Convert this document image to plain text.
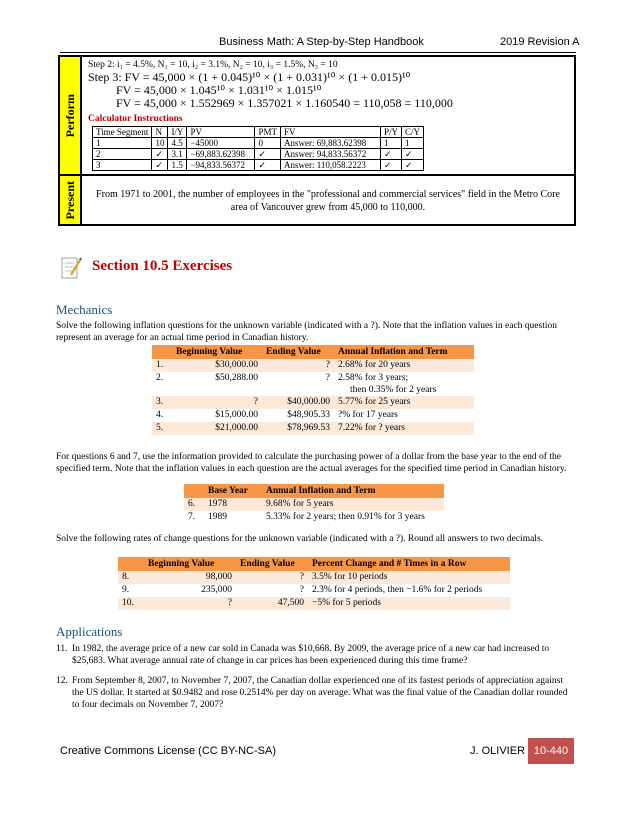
Business Math: A Step-by-Step Handbook	2019 Revision A
Perform
Step 2: i₁ = 4.5%, N₁ = 10, i₂ = 3.1%, N₂ = 10, i₃ = 1.5%, N₃ = 10
Step 3: FV = 45,000 × (1 + 0.045)¹⁰ × (1 + 0.031)¹⁰ × (1 + 0.015)¹⁰
FV = 45,000 × 1.045¹⁰ × 1.031¹⁰ × 1.015¹⁰
FV = 45,000 × 1.552969 × 1.357021 × 1.160540 = 110,058 = 110,000
Calculator Instructions
Time Segment	N	I/Y	PV	PMT	FV	P/Y	C/Y
1	10	4.5	−45000	0	Answer: 69,883.62398	1	1
2	✓	3.1	−69,883.62398	✓	Answer: 94,833.56372	✓	✓
3	✓	1.5	−94,833.56372	✓	Answer: 110,058.2223	✓	✓
Present	From 1971 to 2001, the number of employees in the "professional and commercial services" field in the Metro Core
area of Vancouver grew from 45,000 to 110,000.
Section 10.5 Exercises
Mechanics
Solve the following inflation questions for the unknown variable (indicated with a ?). Note that the inflation values in each question represent an average for an actual time period in Canadian history.
	Beginning Value	Ending Value	Annual Inflation and Term
1.	$30,000.00	?	2.68% for 20 years
2.	$50,288.00	?	2.58% for 3 years;
then 0.35% for 2 years

3.	?	$40,000.00	5.77% for 25 years
4.	$15,000.00	$48,905.33	?% for 17 years
5.	$21,000.00	$78,969.53	7.22% for ? years
For questions 6 and 7, use the information provided to calculate the purchasing power of a dollar from the base year to the end of the specified term. Note that the inflation values in each question are the actual averages for the specified time period in Canadian history.
	Base Year	Annual Inflation and Term
6.	1978	9.68% for 5 years
7.	1989	5.33% for 2 years; then 0.91% for 3 years
Solve the following rates of change questions for the unknown variable (indicated with a ?). Round all answers to two decimals.
	Beginning Value	Ending Value	Percent Change and # Times in a Row
8.	98,000	?	3.5% for 10 periods
9.	235,000	?	2.3% for 4 periods, then −1.6% for 2 periods
10.	?	47,500	−5% for 5 periods
Applications
11. In 1982, the average price of a new car sold in Canada was $10,668. By 2009, the average price of a new car had increased to $25,683. What average annual rate of change in car prices has been experienced during this time frame?
12. From September 8, 2007, to November 7, 2007, the Canadian dollar experienced one of its fastest periods of appreciation against the US dollar. It started at $0.9482 and rose 0.2514% per day on average. What was the final value of the Canadian dollar rounded to four decimals on November 7, 2007?
Creative Commons License (CC BY-NC-SA)	J. OLIVIER 10-440
